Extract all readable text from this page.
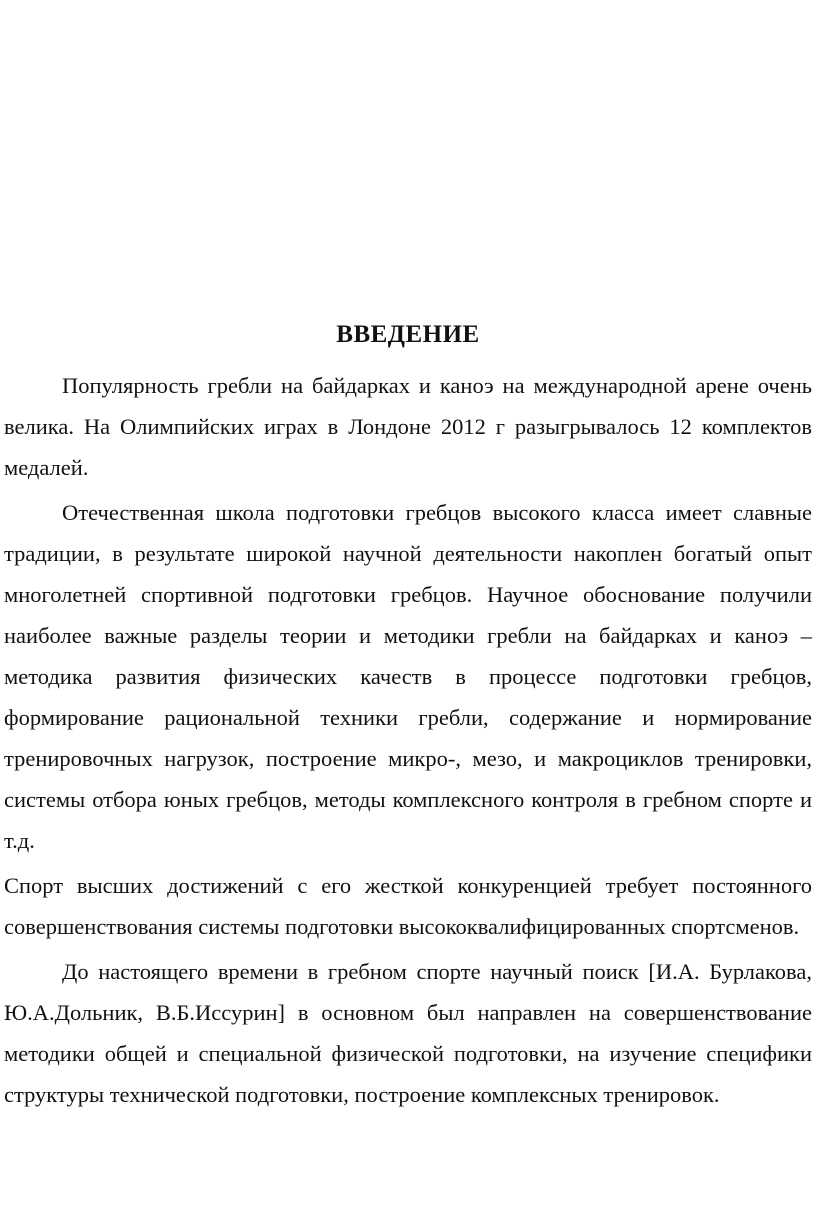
ВВЕДЕНИЕ

Популярность гребли на байдарках и каноэ на международной арене очень велика. На Олимпийских играх в Лондоне 2012 г разыгрывалось 12 комплектов медалей.

Отечественная школа подготовки гребцов высокого класса имеет славные традиции, в результате широкой научной деятельности накоплен богатый опыт многолетней спортивной подготовки гребцов. Научное обоснование получили наиболее важные разделы теории и методики гребли на байдарках и каноэ – методика развития физических качеств в процессе подготовки гребцов, формирование рациональной техники гребли, содержание и нормирование тренировочных нагрузок, построение микро-, мезо, и макроциклов тренировки, системы отбора юных гребцов, методы комплексного контроля в гребном спорте и т.д.

Спорт высших достижений с его жесткой конкуренцией требует постоянного совершенствования системы подготовки высококвалифицированных спортсменов.

До настоящего времени в гребном спорте научный поиск [И.А. Бурлакова, Ю.А.Дольник, В.Б.Иссурин] в основном был направлен на совершенствование методики общей и специальной физической подготовки, на изучение специфики структуры технической подготовки, построение комплексных тренировок.
